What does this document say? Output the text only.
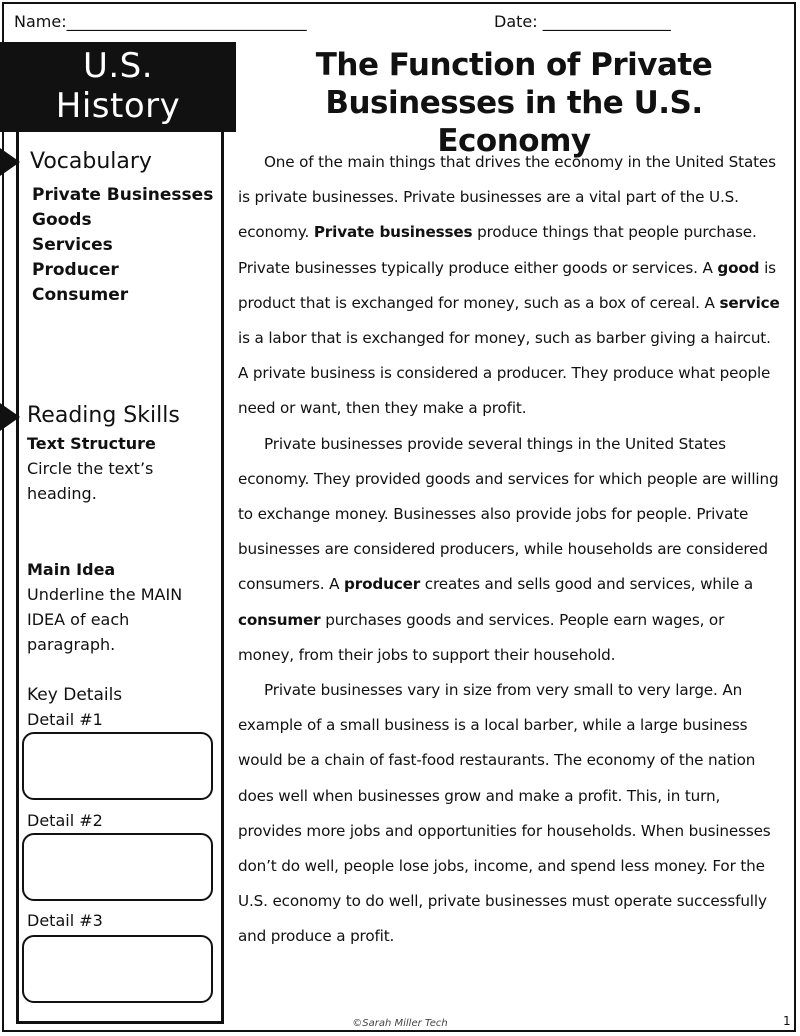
Name:______________________________	Date: ________________
U.S.
History
The Function of Private
Businesses in the U.S. Economy
Vocabulary
Private Businesses
Goods
Services
Producer
Consumer
Reading Skills
Text Structure
Circle the text’s heading.
Main Idea
Underline the MAIN IDEA of each paragraph.
Key Details
Detail #1
Detail #2
Detail #3

One of the main things that drives the economy in the United States is private businesses. Private businesses are a vital part of the U.S. economy. Private businesses produce things that people purchase. Private businesses typically produce either goods or services. A good is product that is exchanged for money, such as a box of cereal. A service is a labor that is exchanged for money, such as barber giving a haircut. A private business is considered a producer. They produce what people need or want, then they make a profit.

Private businesses provide several things in the United States economy. They provided goods and services for which people are willing to exchange money. Businesses also provide jobs for people. Private businesses are considered producers, while households are considered consumers. A producer creates and sells good and services, while a consumer purchases goods and services. People earn wages, or money, from their jobs to support their household.

Private businesses vary in size from very small to very large. An example of a small business is a local barber, while a large business would be a chain of fast-food restaurants. The economy of the nation does well when businesses grow and make a profit. This, in turn, provides more jobs and opportunities for households. When businesses don’t do well, people lose jobs, income, and spend less money. For the U.S. economy to do well, private businesses must operate successfully and produce a profit.

©Sarah Miller Tech	1
